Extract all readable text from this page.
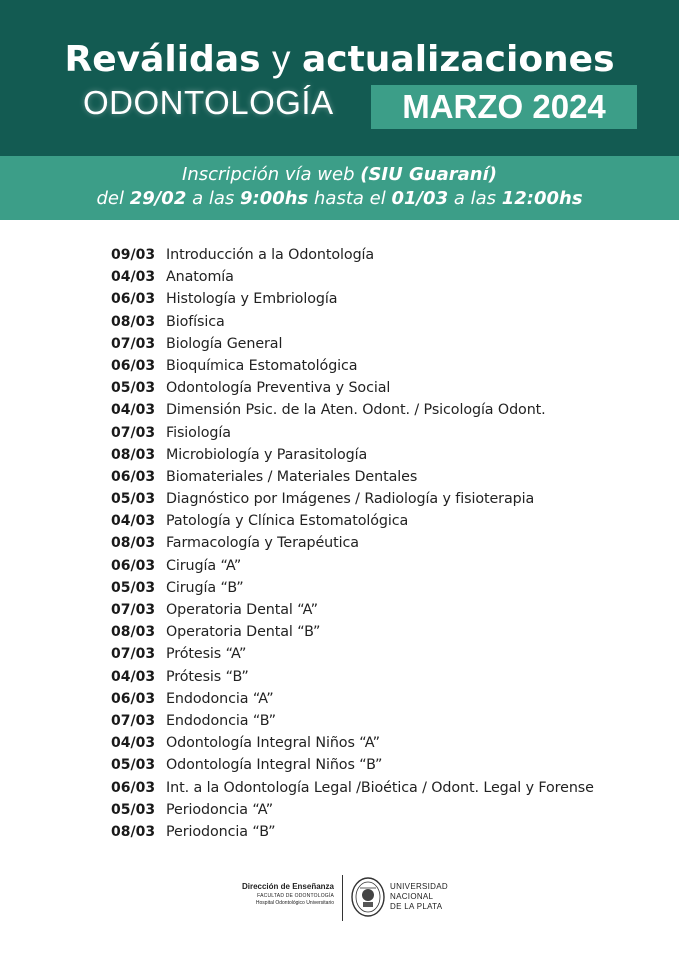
Reválidas y actualizaciones
ODONTOLOGÍA	MARZO 2024
Inscripción vía web (SIU Guaraní)
del 29/02 a las 9:00hs hasta el 01/03 a las 12:00hs
09/03 Introducción a la Odontología
04/03 Anatomía
06/03 Histología y Embriología
08/03 Biofísica
07/03 Biología General
06/03 Bioquímica Estomatológica
05/03 Odontología Preventiva y Social
04/03 Dimensión Psic. de la Aten. Odont. / Psicología Odont.
07/03 Fisiología
08/03 Microbiología y Parasitología
06/03 Biomateriales / Materiales Dentales
05/03 Diagnóstico por Imágenes / Radiología y fisioterapia
04/03 Patología y Clínica Estomatológica
08/03 Farmacología y Terapéutica
06/03 Cirugía “A”
05/03 Cirugía “B”
07/03 Operatoria Dental “A”
08/03 Operatoria Dental “B”
07/03 Prótesis “A”
04/03 Prótesis “B”
06/03 Endodoncia “A”
07/03 Endodoncia “B”
04/03 Odontología Integral Niños “A”
05/03 Odontología Integral Niños “B”
06/03 Int. a la Odontología Legal /Bioética / Odont. Legal y Forense
05/03 Periodoncia “A”
08/03 Periodoncia “B”
Dirección de Enseñanza
FACULTAD DE ODONTOLOGÍA
Hospital Odontológico Universitario
UNIVERSIDAD
NACIONAL
DE LA PLATA
